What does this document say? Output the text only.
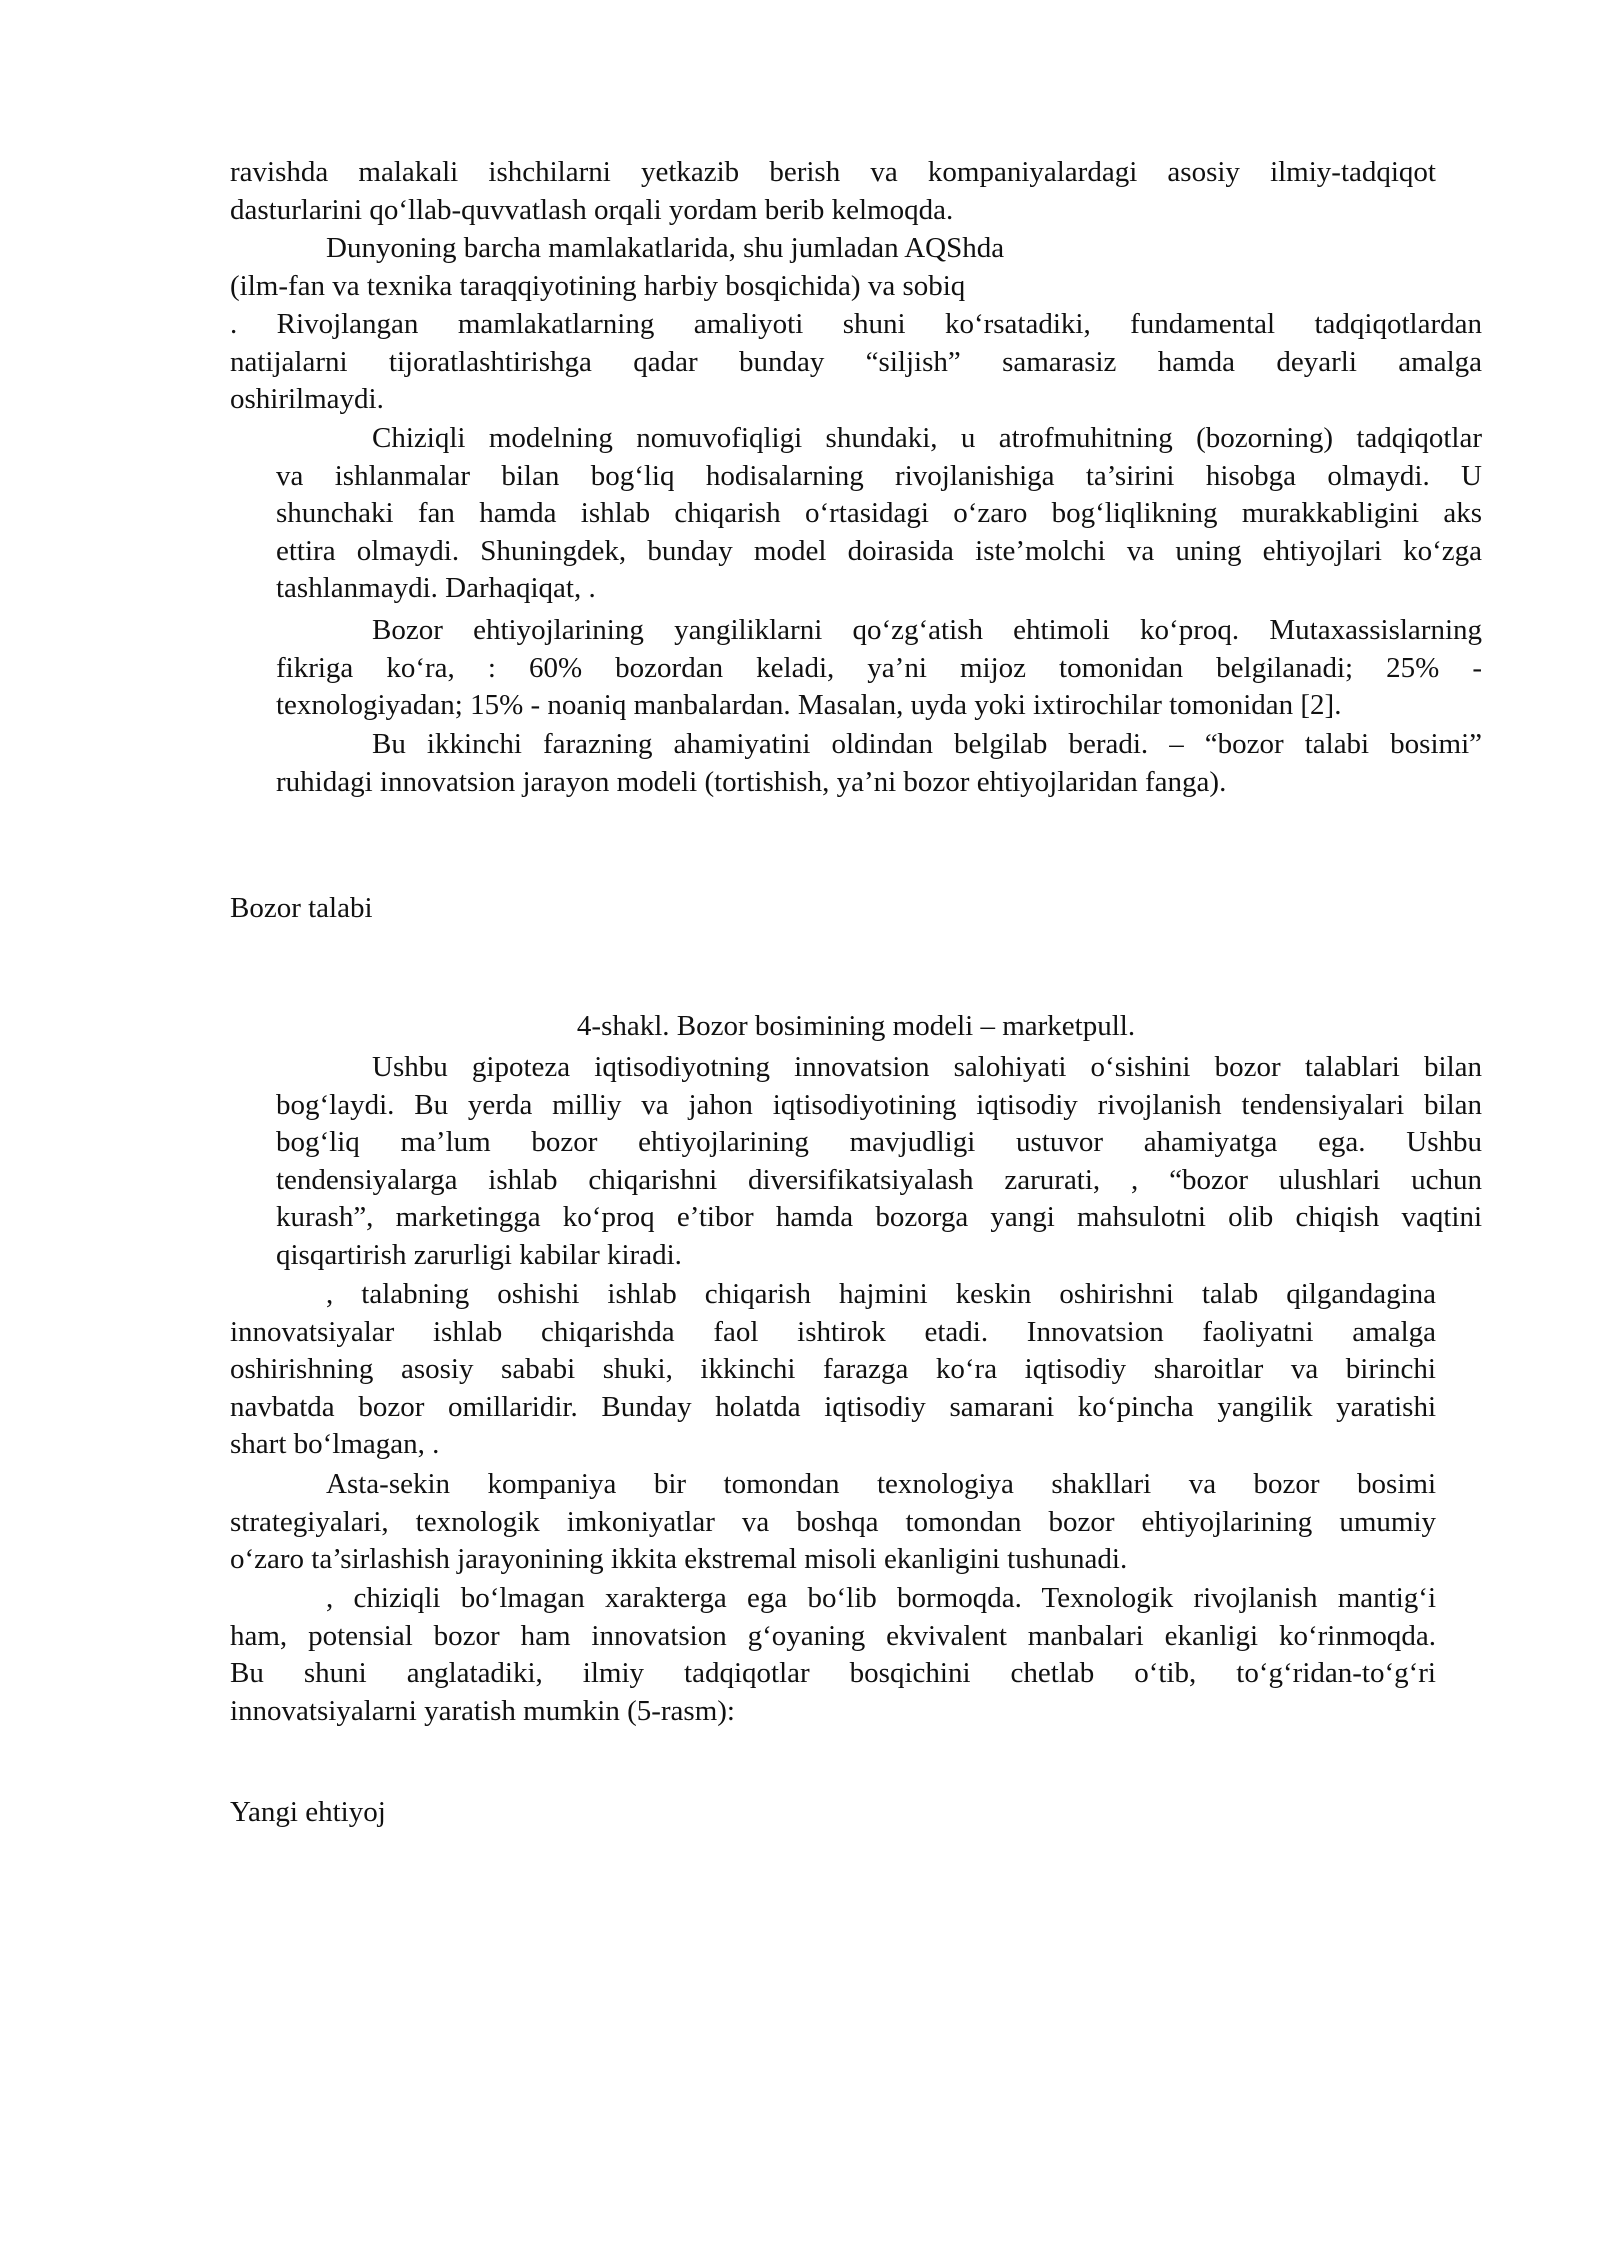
ravishda malakali ishchilarni yetkazib berish va kompaniyalardagi asosiy ilmiy-tadqiqot
dasturlarini qo‘llab-quvvatlash orqali yordam berib kelmoqda.
Dunyoning barcha mamlakatlarida, shu jumladan AQShda
(ilm-fan va texnika taraqqiyotining harbiy bosqichida) va sobiq
. Rivojlangan mamlakatlarning amaliyoti shuni ko‘rsatadiki, fundamental tadqiqotlardan
natijalarni tijoratlashtirishga qadar bunday “siljish” samarasiz hamda deyarli amalga
oshirilmaydi.
Chiziqli modelning nomuvofiqligi shundaki, u atrofmuhitning (bozorning) tadqiqotlar
va ishlanmalar bilan bog‘liq hodisalarning rivojlanishiga ta’sirini hisobga olmaydi. U
shunchaki fan hamda ishlab chiqarish o‘rtasidagi o‘zaro bog‘liqlikning murakkabligini aks
ettira olmaydi. Shuningdek, bunday model doirasida iste’molchi va uning ehtiyojlari ko‘zga
tashlanmaydi. Darhaqiqat, .
Bozor ehtiyojlarining yangiliklarni qo‘zg‘atish ehtimoli ko‘proq. Mutaxassislarning
fikriga ko‘ra, : 60% bozordan keladi, ya’ni mijoz tomonidan belgilanadi; 25% -
texnologiyadan; 15% - noaniq manbalardan. Masalan, uyda yoki ixtirochilar tomonidan [2].
Bu ikkinchi farazning ahamiyatini oldindan belgilab beradi. – “bozor talabi bosimi”
ruhidagi innovatsion jarayon modeli (tortishish, ya’ni bozor ehtiyojlaridan fanga).
Bozor talabi
4-shakl. Bozor bosimining modeli – marketpull.
Ushbu gipoteza iqtisodiyotning innovatsion salohiyati o‘sishini bozor talablari bilan
bog‘laydi. Bu yerda milliy va jahon iqtisodiyotining iqtisodiy rivojlanish tendensiyalari bilan
bog‘liq ma’lum bozor ehtiyojlarining mavjudligi ustuvor ahamiyatga ega. Ushbu
tendensiyalarga ishlab chiqarishni diversifikatsiyalash zarurati, , “bozor ulushlari uchun
kurash”, marketingga ko‘proq e’tibor hamda bozorga yangi mahsulotni olib chiqish vaqtini
qisqartirish zarurligi kabilar kiradi.
, talabning oshishi ishlab chiqarish hajmini keskin oshirishni talab qilgandagina
innovatsiyalar ishlab chiqarishda faol ishtirok etadi. Innovatsion faoliyatni amalga
oshirishning asosiy sababi shuki, ikkinchi farazga ko‘ra iqtisodiy sharoitlar va birinchi
navbatda bozor omillaridir. Bunday holatda iqtisodiy samarani ko‘pincha yangilik yaratishi
shart bo‘lmagan, .
Asta-sekin kompaniya bir tomondan texnologiya shakllari va bozor bosimi
strategiyalari, texnologik imkoniyatlar va boshqa tomondan bozor ehtiyojlarining umumiy
o‘zaro ta’sirlashish jarayonining ikkita ekstremal misoli ekanligini tushunadi.
, chiziqli bo‘lmagan xarakterga ega bo‘lib bormoqda. Texnologik rivojlanish mantig‘i
ham, potensial bozor ham innovatsion g‘oyaning ekvivalent manbalari ekanligi ko‘rinmoqda.
Bu shuni anglatadiki, ilmiy tadqiqotlar bosqichini chetlab o‘tib, to‘g‘ridan-to‘g‘ri
innovatsiyalarni yaratish mumkin (5-rasm):
Yangi ehtiyoj
